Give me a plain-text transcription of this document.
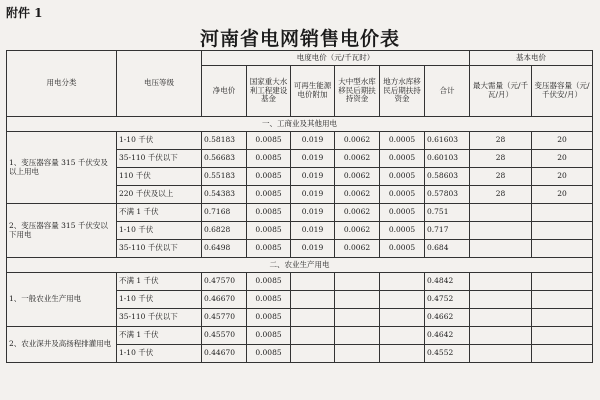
附件 1
河南省电网销售电价表
用电分类	电压等级	电度电价（元/千瓦时）						基本电价	
		净电价	国家重大水利工程建设基金	可再生能源电价附加	大中型水库移民后期扶持资金	地方水库移民后期扶持资金	合计	最大需量（元/千瓦/月）	变压器容量（元/千伏安/月）
一、工商业及其他用电									
1、变压器容量 315 千伏安及以上用电	1-10 千伏	0.58183	0.0085	0.019	0.0062	0.0005	0.61603	28	20
	35-110 千伏以下	0.56683	0.0085	0.019	0.0062	0.0005	0.60103	28	20
	110 千伏	0.55183	0.0085	0.019	0.0062	0.0005	0.58603	28	20
	220 千伏及以上	0.54383	0.0085	0.019	0.0062	0.0005	0.57803	28	20
2、变压器容量 315 千伏安以下用电	不满 1 千伏	0.7168	0.0085	0.019	0.0062	0.0005	0.751		
	1-10 千伏	0.6828	0.0085	0.019	0.0062	0.0005	0.717		
	35-110 千伏以下	0.6498	0.0085	0.019	0.0062	0.0005	0.684		
二、农业生产用电									
1、一般农业生产用电	不满 1 千伏	0.47570	0.0085				0.4842		
	1-10 千伏	0.46670	0.0085				0.4752		
	35-110 千伏以下	0.45770	0.0085				0.4662		
2、农业深井及高扬程排灌用电	不满 1 千伏	0.45570	0.0085				0.4642		
	1-10 千伏	0.44670	0.0085				0.4552		
